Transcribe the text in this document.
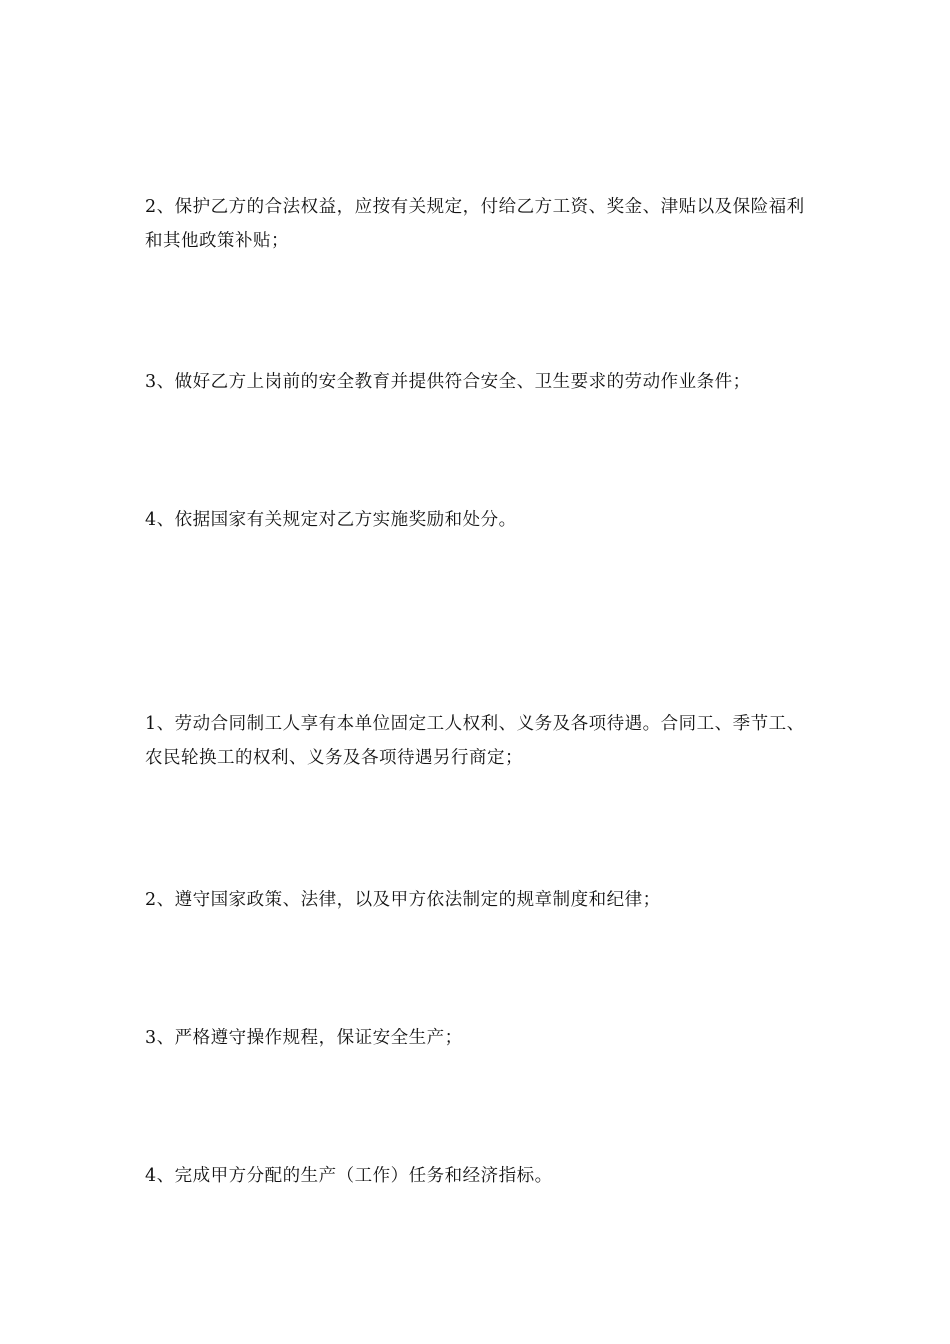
2、保护乙方的合法权益，应按有关规定，付给乙方工资、奖金、津贴以及保险福利和其他政策补贴；

3、做好乙方上岗前的安全教育并提供符合安全、卫生要求的劳动作业条件；

4、依据国家有关规定对乙方实施奖励和处分。

1、劳动合同制工人享有本单位固定工人权利、义务及各项待遇。合同工、季节工、农民轮换工的权利、义务及各项待遇另行商定；

2、遵守国家政策、法律，以及甲方依法制定的规章制度和纪律；

3、严格遵守操作规程，保证安全生产；

4、完成甲方分配的生产（工作）任务和经济指标。
